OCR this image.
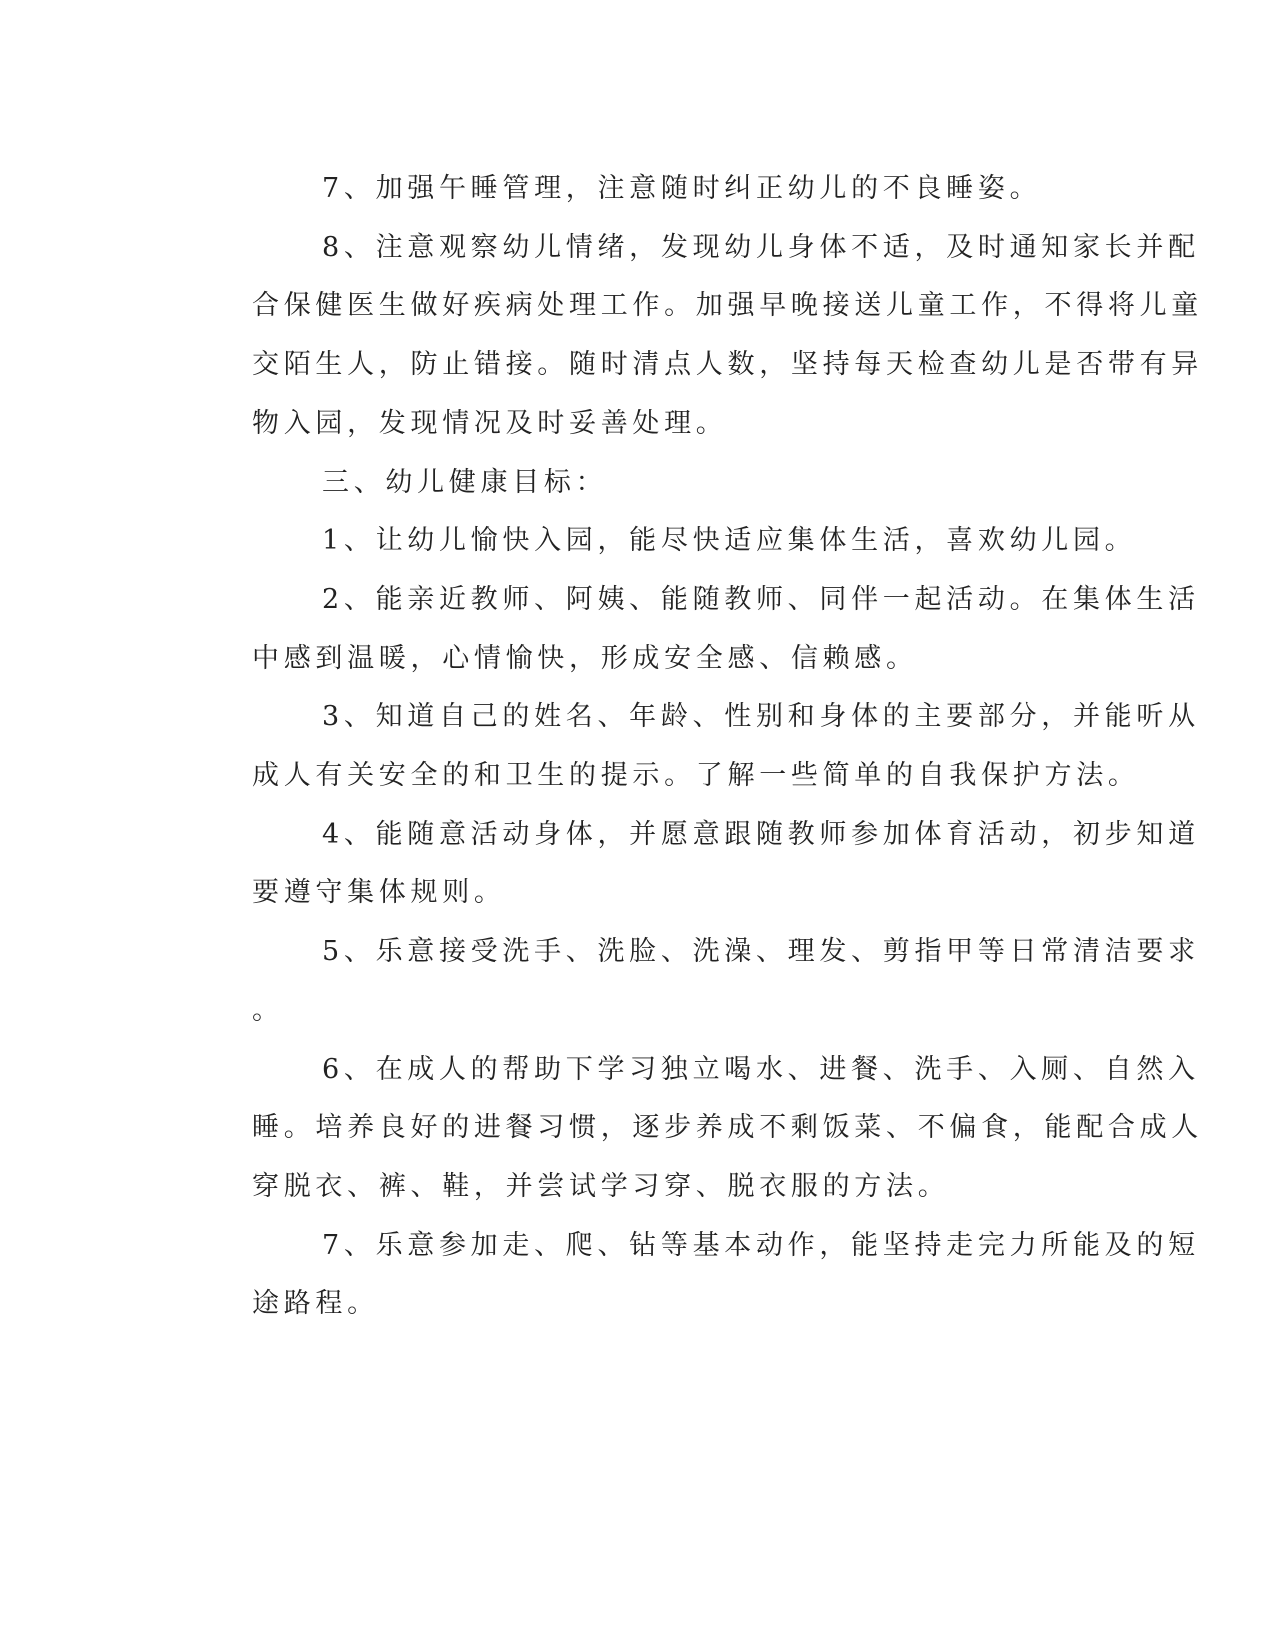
7、加强午睡管理，注意随时纠正幼儿的不良睡姿。
8、注意观察幼儿情绪，发现幼儿身体不适，及时通知家长并配
合保健医生做好疾病处理工作。加强早晚接送儿童工作，不得将儿童
交陌生人，防止错接。随时清点人数，坚持每天检查幼儿是否带有异
物入园，发现情况及时妥善处理。
三、幼儿健康目标：
1、让幼儿愉快入园，能尽快适应集体生活，喜欢幼儿园。
2、能亲近教师、阿姨、能随教师、同伴一起活动。在集体生活
中感到温暖，心情愉快，形成安全感、信赖感。
3、知道自己的姓名、年龄、性别和身体的主要部分，并能听从
成人有关安全的和卫生的提示。了解一些简单的自我保护方法。
4、能随意活动身体，并愿意跟随教师参加体育活动，初步知道
要遵守集体规则。
5、乐意接受洗手、洗脸、洗澡、理发、剪指甲等日常清洁要求
。
6、在成人的帮助下学习独立喝水、进餐、洗手、入厕、自然入
睡。培养良好的进餐习惯，逐步养成不剩饭菜、不偏食，能配合成人
穿脱衣、裤、鞋，并尝试学习穿、脱衣服的方法。
7、乐意参加走、爬、钻等基本动作，能坚持走完力所能及的短
途路程。
